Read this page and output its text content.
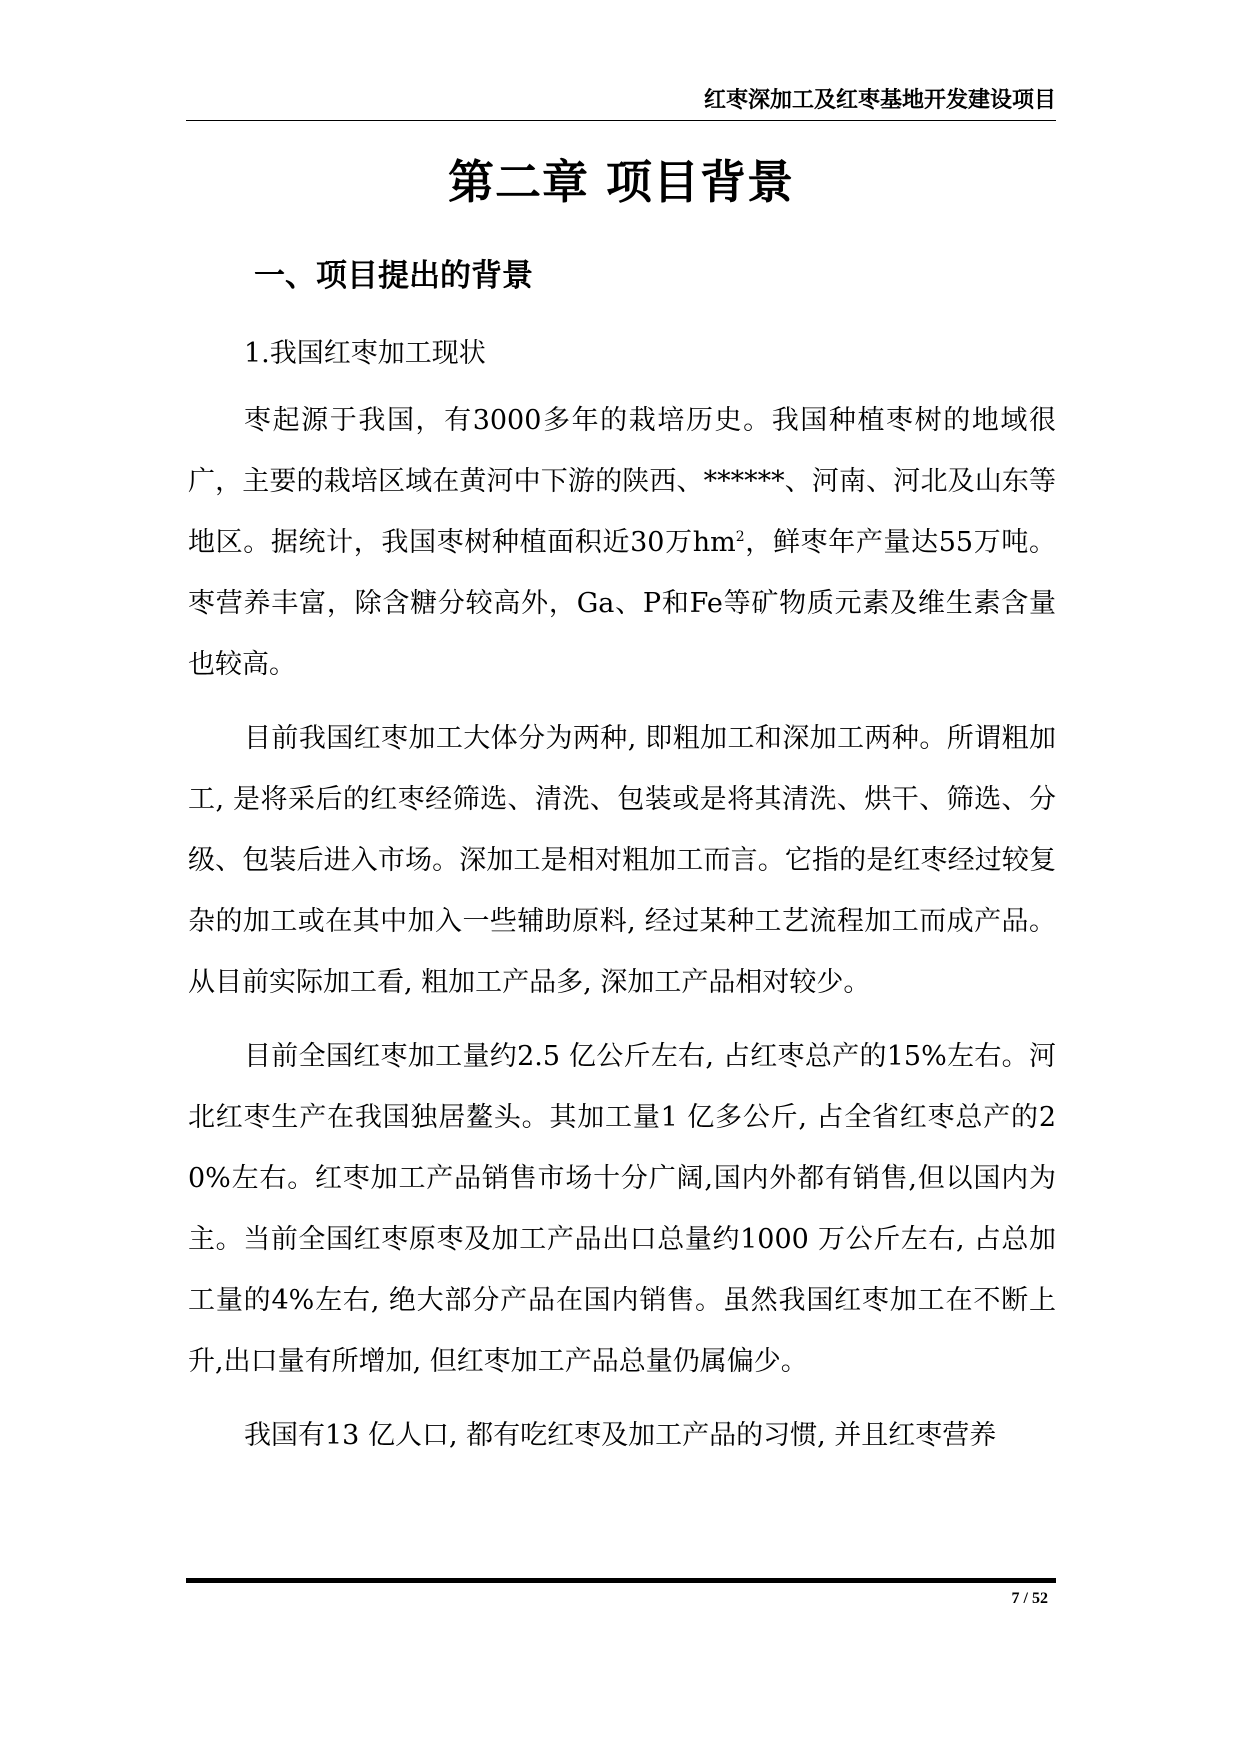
红枣深加工及红枣基地开发建设项目
第二章 项目背景
一、项目提出的背景
1.我国红枣加工现状

枣起源于我国，有3000多年的栽培历史。我国种植枣树的地域很广，主要的栽培区域在黄河中下游的陕西、******、河南、河北及山东等地区。据统计，我国枣树种植面积近30万$hm^2$，鲜枣年产量达55万吨。枣营养丰富，除含糖分较高外，Ga、P和Fe等矿物质元素及维生素含量也较高。

目前我国红枣加工大体分为两种, 即粗加工和深加工两种。所谓粗加工, 是将采后的红枣经筛选、清洗、包装或是将其清洗、烘干、筛选、分级、包装后进入市场。深加工是相对粗加工而言。它指的是红枣经过较复杂的加工或在其中加入一些辅助原料, 经过某种工艺流程加工而成产品。从目前实际加工看, 粗加工产品多, 深加工产品相对较少。

目前全国红枣加工量约2.5 亿公斤左右, 占红枣总产的15%左右。河北红枣生产在我国独居鳌头。其加工量1 亿多公斤, 占全省红枣总产的20%左右。红枣加工产品销售市场十分广阔,国内外都有销售,但以国内为主。当前全国红枣原枣及加工产品出口总量约1000 万公斤左右, 占总加工量的4%左右, 绝大部分产品在国内销售。虽然我国红枣加工在不断上升,出口量有所增加, 但红枣加工产品总量仍属偏少。

我国有13 亿人口, 都有吃红枣及加工产品的习惯, 并且红枣营养

7 / 52
